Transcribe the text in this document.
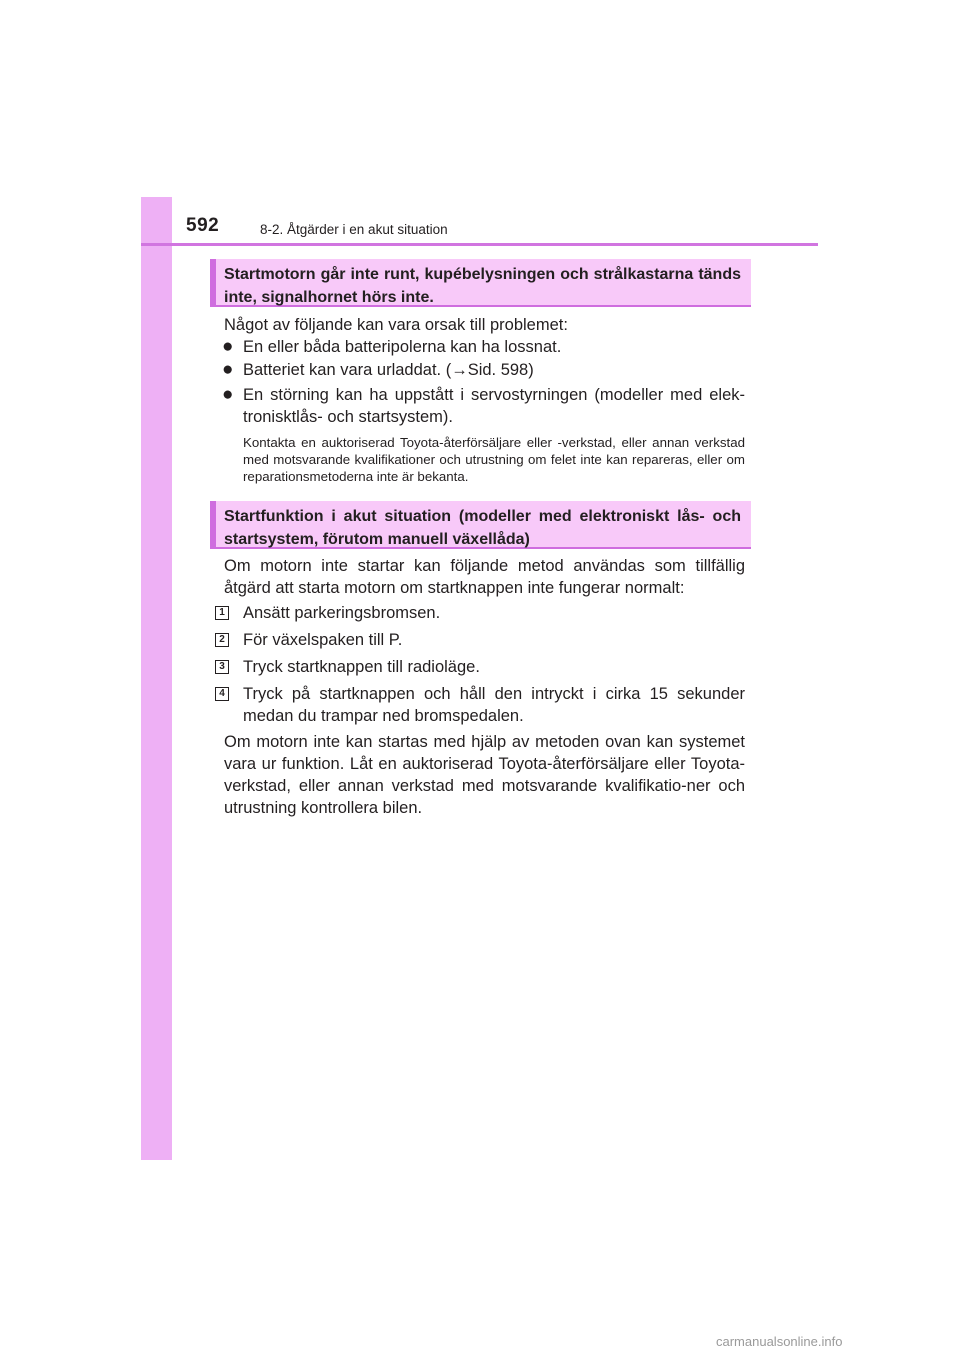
592	8-2. Åtgärder i en akut situation
Startmotorn går inte runt, kupébelysningen och strålkastarna tänds inte, signalhornet hörs inte.
Något av följande kan vara orsak till problemet:
● En eller båda batteripolerna kan ha lossnat.
● Batteriet kan vara urladdat. (→Sid. 598)
● En störning kan ha uppstått i servostyrningen (modeller med elek-tronisktlås- och startsystem).
Kontakta en auktoriserad Toyota-återförsäljare eller -verkstad, eller annan verkstad med motsvarande kvalifikationer och utrustning om felet inte kan repareras, eller om reparationsmetoderna inte är bekanta.
Startfunktion i akut situation (modeller med elektroniskt lås- och startsystem, förutom manuell växellåda)
Om motorn inte startar kan följande metod användas som tillfällig åtgärd att starta motorn om startknappen inte fungerar normalt:
1 Ansätt parkeringsbromsen.
2 För växelspaken till P.
3 Tryck startknappen till radioläge.
4 Tryck på startknappen och håll den intryckt i cirka 15 sekunder medan du trampar ned bromspedalen.
Om motorn inte kan startas med hjälp av metoden ovan kan systemet vara ur funktion. Låt en auktoriserad Toyota-återförsäljare eller Toyota-verkstad, eller annan verkstad med motsvarande kvalifikatio-ner och utrustning kontrollera bilen.
carmanualsonline.info
